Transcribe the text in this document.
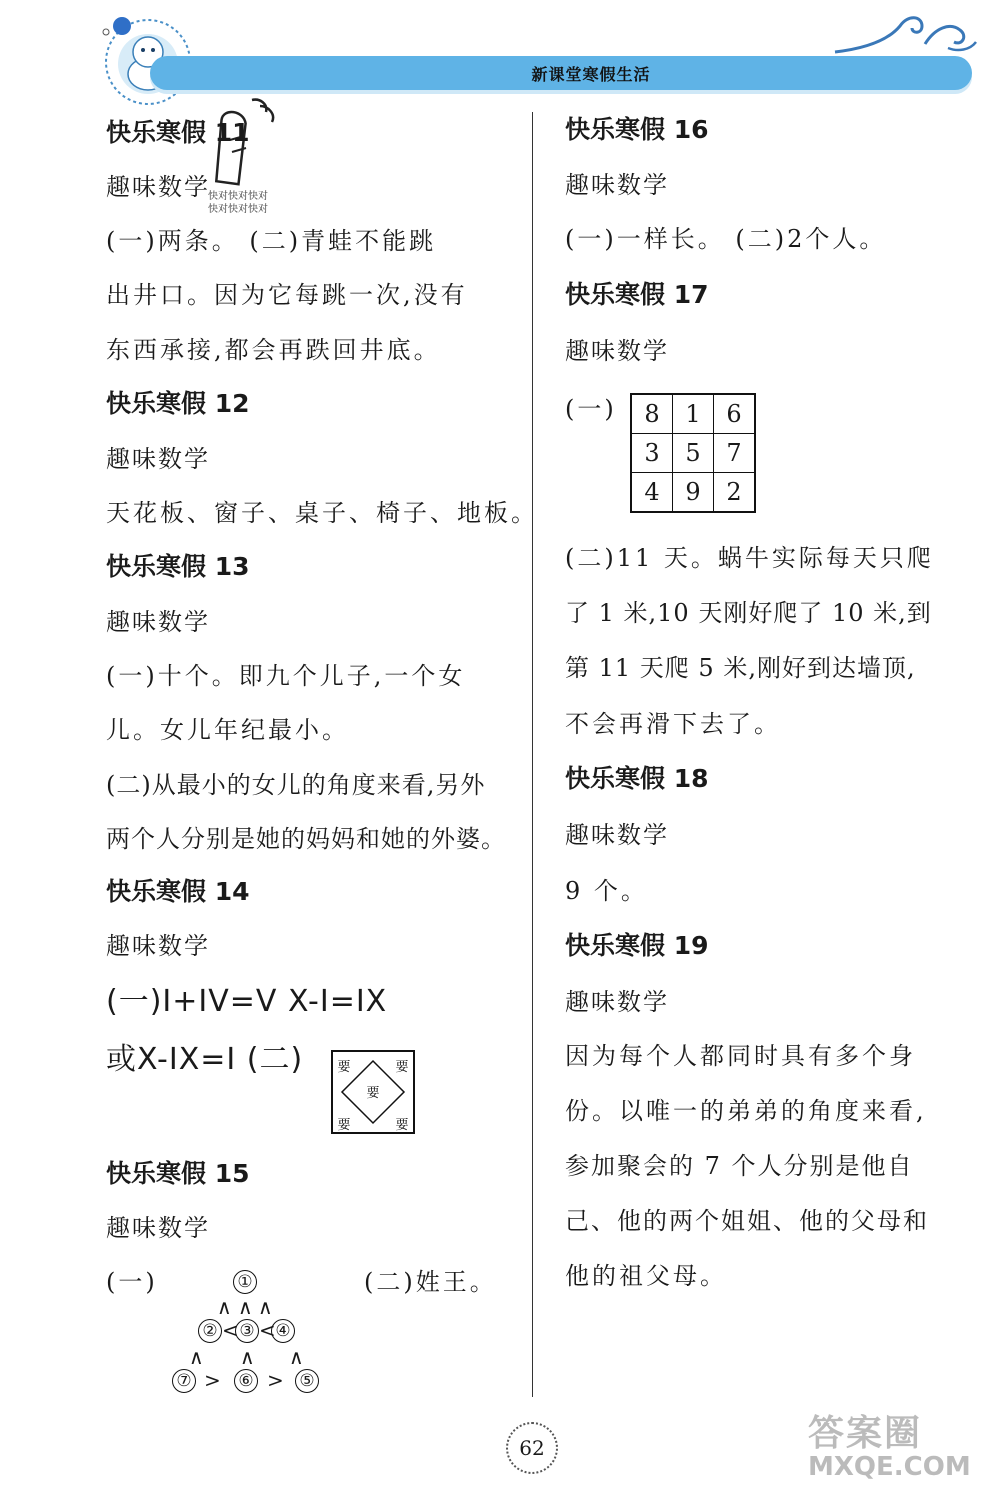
新课堂寒假生活
快对快对快对
快对快对快对
快乐寒假 11
趣味数学
(一)两条。 (二)青蛙不能跳
出井口。因为它每跳一次,没有
东西承接,都会再跌回井底。
快乐寒假 12
趣味数学
天花板、窗子、桌子、椅子、地板。
快乐寒假 13
趣味数学
(一)十个。即九个儿子,一个女
儿。女儿年纪最小。
(二)从最小的女儿的角度来看,另外
两个人分别是她的妈妈和她的外婆。
快乐寒假 14
趣味数学
(一)I+IV=V X-I=IX
或X-IX=I (二)	要	要
要
要	要
快乐寒假 15
趣味数学
(一)	(二)姓王。
①
∧ ∧ ∧
② < ③ < ④
∧ ∧ ∧
⑦ > ⑥ > ⑤
快乐寒假 16
趣味数学
(一)一样长。 (二)2个人。
快乐寒假 17
趣味数学
(一) 8	1	6
3	5	7
4	9	2
(二)11 天。蜗牛实际每天只爬
了 1 米,10 天刚好爬了 10 米,到
第 11 天爬 5 米,刚好到达墙顶,
不会再滑下去了。
快乐寒假 18
趣味数学
9 个。
快乐寒假 19
趣味数学
因为每个人都同时具有多个身
份。以唯一的弟弟的角度来看,
参加聚会的 7 个人分别是他自
己、他的两个姐姐、他的父母和
他的祖父母。
62	答案圈
MXQE.COM
